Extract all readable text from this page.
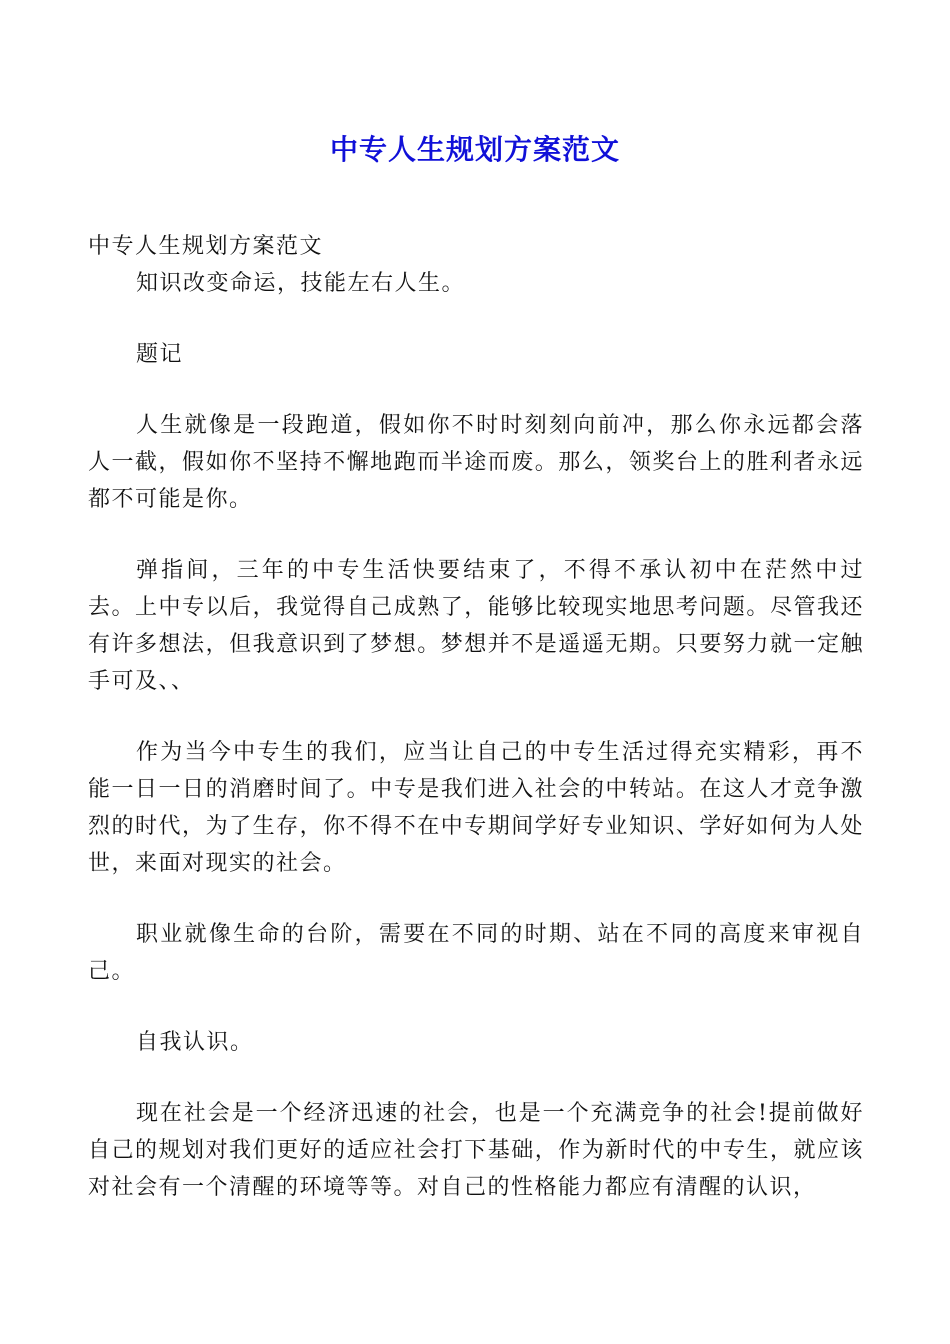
中专人生规划方案范文

中专人生规划方案范文

知识改变命运，技能左右人生。

题记

人生就像是一段跑道，假如你不时时刻刻向前冲，那么你永远都会落人一截，假如你不坚持不懈地跑而半途而废。那么，领奖台上的胜利者永远都不可能是你。

弹指间，三年的中专生活快要结束了，不得不承认初中在茫然中过去。上中专以后，我觉得自己成熟了，能够比较现实地思考问题。尽管我还有许多想法，但我意识到了梦想。梦想并不是遥遥无期。只要努力就一定触手可及、、

作为当今中专生的我们，应当让自己的中专生活过得充实精彩，再不能一日一日的消磨时间了。中专是我们进入社会的中转站。在这人才竞争激烈的时代，为了生存，你不得不在中专期间学好专业知识、学好如何为人处世，来面对现实的社会。

职业就像生命的台阶，需要在不同的时期、站在不同的高度来审视自己。

自我认识。

现在社会是一个经济迅速的社会，也是一个充满竞争的社会!提前做好自己的规划对我们更好的适应社会打下基础，作为新时代的中专生，就应该对社会有一个清醒的环境等等。对自己的性格能力都应有清醒的认识，
